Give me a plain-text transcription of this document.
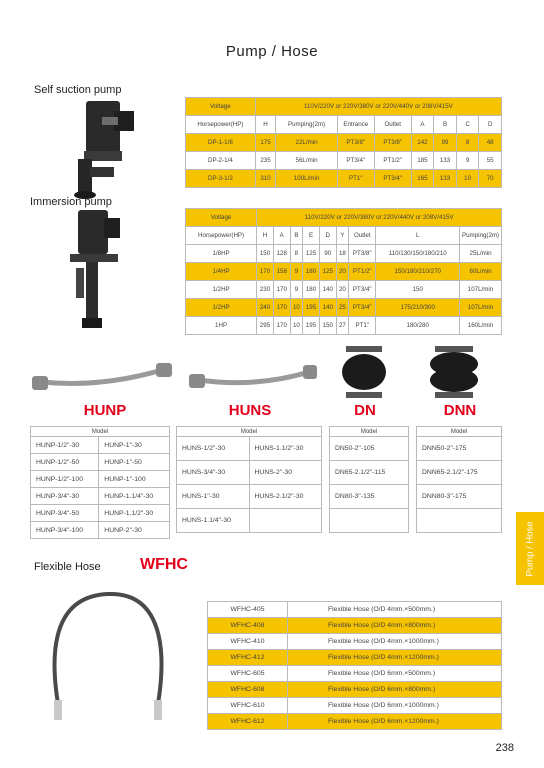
Pump / Hose
Self suction pump
Voltage	110V/220V or 220V/380V or 220V/440V or 208V/415V							
Horsepower(HP)	H	Pumping(2m)	Entrance	Outlet	A	B	C	D
DP-1-1/8	175	22L/min	PT3/8"	PT3/8"	142	99	8	48
DP-2-1/4	235	56L/min	PT3/4"	PT1/2"	185	133	9	55
DP-3-1/2	310	100L/min	PT1"	PT3/4"	165	133	10	70
Immersion pump
Voltage	110V/220V or 220V/380V or 220V/440V or 208V/415V								
Horsepower(HP)	H	A	B	E	D	Y	Outlet	L	Pumping(2m)
1/8HP	150	128	8	125	90	18	PT3/8"	110/130/150/180/210	25L/min
1/4HP	170	158	9	180	125	20	PT1/2"	150/180/210/270	60L/min
1/2HP	230	170	9	180	140	20	PT3/4"	150	107L/min
1/2HP	240	170	10	195	140	25	PT3/4"	175/210/300	107L/min
1HP	295	170	10	195	150	27	PT1"	180/280	160L/min
HUNP	HUNS	DN	DNN
Model	
HUNP-1/2"-30	HUNP-1"-30
HUNP-1/2"-50	HUNP-1"-50
HUNP-1/2"-100	HUNP-1"-100
HUNP-3/4"-30	HUNP-1.1/4"-30
HUNP-3/4"-50	HUNP-1.1/2"-30
HUNP-3/4"-100	HUNP-2"-30
Model	
HUNS-1/2"-30	HUNS-1.1/2"-30
HUNS-3/4"-30	HUNS-2"-30
HUNS-1"-30	HUNS-2.1/2"-30
HUNS-1.1/4"-30	
Model
DN50-2"-105
DN65-2.1/2"-115
DN80-3"-135

Model
DNN50-2"-175
DNN65-2.1/2"-175
DNN80-3"-175

Pump / Hose
Flexible Hose WFHC
WFHC-405	Flexible Hose (O/D 4mm.×500mm.)
WFHC-408	Flexible Hose (O/D 4mm.×800mm.)
WFHC-410	Flexible Hose (O/D 4mm.×1000mm.)
WFHC-412	Flexible Hose (O/D 4mm.×1200mm.)
WFHC-605	Flexible Hose (O/D 6mm.×500mm.)
WFHC-608	Flexible Hose (O/D 6mm.×800mm.)
WFHC-610	Flexible Hose (O/D 6mm.×1000mm.)
WFHC-612	Flexible Hose (O/D 6mm.×1200mm.)
238
